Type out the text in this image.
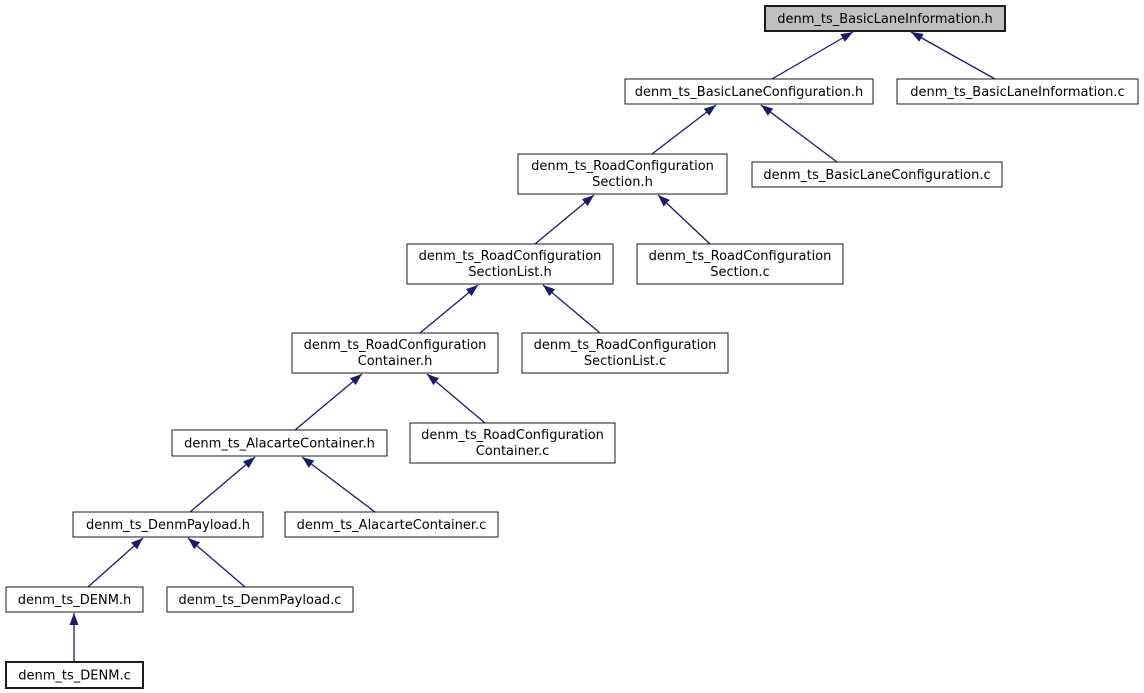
denm_ts_BasicLaneInformation.h
denm_ts_BasicLaneConfiguration.h	denm_ts_BasicLaneInformation.c
denm_ts_RoadConfiguration
Section.h	denm_ts_BasicLaneConfiguration.c
denm_ts_RoadConfiguration
SectionList.h
denm_ts_RoadConfiguration
Section.c
denm_ts_RoadConfiguration
Container.h
denm_ts_RoadConfiguration
SectionList.c
denm_ts_AlacarteContainer.h
denm_ts_RoadConfiguration
Container.c
denm_ts_DenmPayload.h	denm_ts_AlacarteContainer.c
denm_ts_DENM.h	denm_ts_DenmPayload.c
denm_ts_DENM.c
